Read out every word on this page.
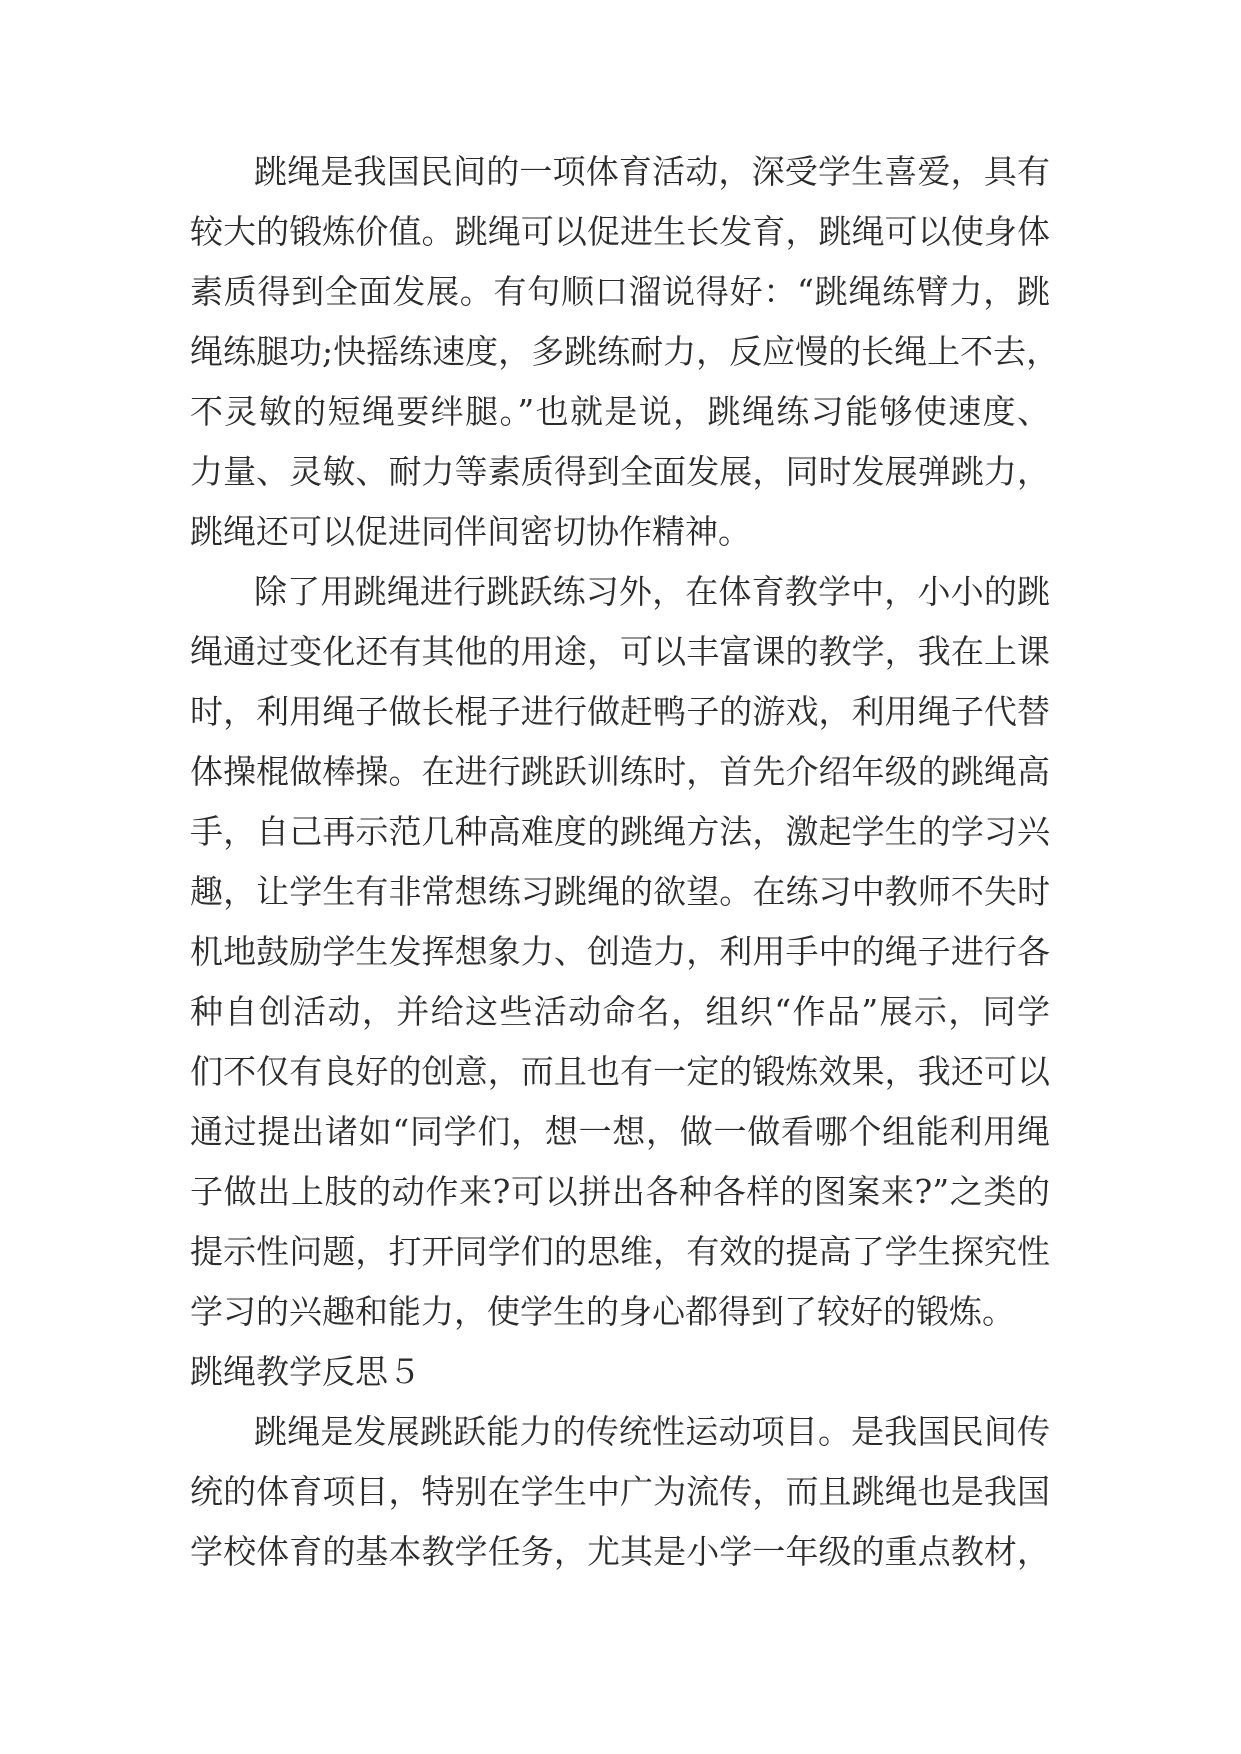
跳绳是我国民间的一项体育活动，深受学生喜爱，具有

较大的锻炼价值。跳绳可以促进生长发育，跳绳可以使身体

素质得到全面发展。有句顺口溜说得好：“跳绳练臂力，跳

绳练腿功;快摇练速度，多跳练耐力，反应慢的长绳上不去，

不灵敏的短绳要绊腿。”也就是说，跳绳练习能够使速度、

力量、灵敏、耐力等素质得到全面发展，同时发展弹跳力，

跳绳还可以促进同伴间密切协作精神。

除了用跳绳进行跳跃练习外，在体育教学中，小小的跳

绳通过变化还有其他的用途，可以丰富课的教学，我在上课

时，利用绳子做长棍子进行做赶鸭子的游戏，利用绳子代替

体操棍做棒操。在进行跳跃训练时，首先介绍年级的跳绳高

手，自己再示范几种高难度的跳绳方法，激起学生的学习兴

趣，让学生有非常想练习跳绳的欲望。在练习中教师不失时

机地鼓励学生发挥想象力、创造力，利用手中的绳子进行各

种自创活动，并给这些活动命名，组织“作品”展示，同学

们不仅有良好的创意，而且也有一定的锻炼效果，我还可以

通过提出诸如“同学们，想一想，做一做看哪个组能利用绳

子做出上肢的动作来?可以拼出各种各样的图案来?”之类的

提示性问题，打开同学们的思维，有效的提高了学生探究性

学习的兴趣和能力，使学生的身心都得到了较好的锻炼。

跳绳教学反思５

跳绳是发展跳跃能力的传统性运动项目。是我国民间传

统的体育项目，特别在学生中广为流传，而且跳绳也是我国

学校体育的基本教学任务，尤其是小学一年级的重点教材，
